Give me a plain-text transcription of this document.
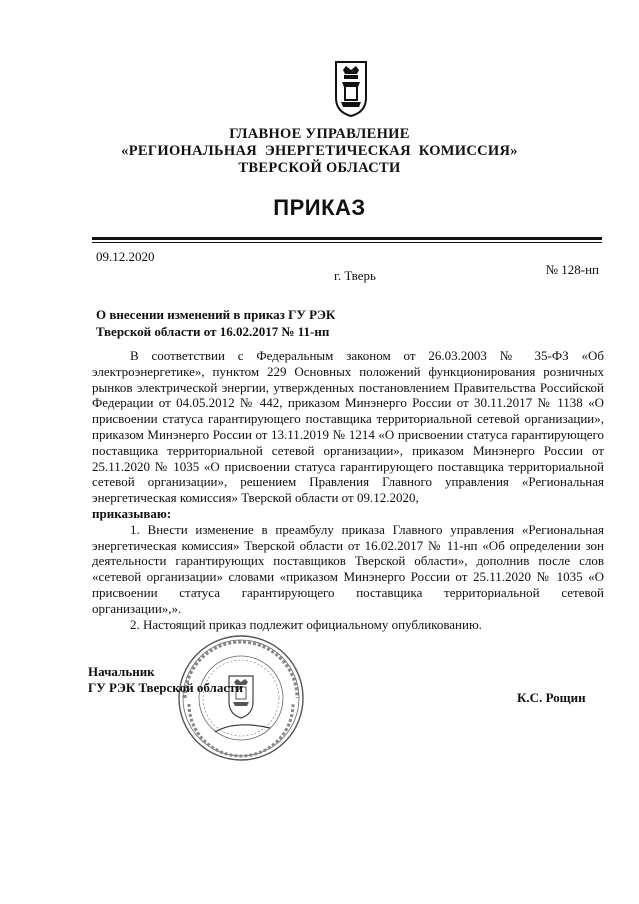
ГЛАВНОЕ УПРАВЛЕНИЕ
«РЕГИОНАЛЬНАЯ ЭНЕРГЕТИЧЕСКАЯ КОМИССИЯ»
ТВЕРСКОЙ ОБЛАСТИ
ПРИКАЗ
09.12.2020
№ 128-нп
г. Тверь
О внесении изменений в приказ ГУ РЭК
Тверской области от 16.02.2017 № 11-нп

В соответствии с Федеральным законом от 26.03.2003 № 35-ФЗ «Об электроэнергетике», пунктом 229 Основных положений функционирования розничных рынков электрической энергии, утвержденных постановлением Правительства Российской Федерации от 04.05.2012 № 442, приказом Минэнерго России от 30.11.2017 № 1138 «О присвоении статуса гарантирующего поставщика территориальной сетевой организации», приказом Минэнерго России от 13.11.2019 № 1214 «О присвоении статуса гарантирующего поставщика территориальной сетевой организации», приказом Минэнерго России от 25.11.2020 № 1035 «О присвоении статуса гарантирующего поставщика территориальной сетевой организации», решением Правления Главного управления «Региональная энергетическая комиссия» Тверской области от 09.12.2020,

приказываю:

1. Внести изменение в преамбулу приказа Главного управления «Региональная энергетическая комиссия» Тверской области от 16.02.2017 № 11-нп «Об определении зон деятельности гарантирующих поставщиков Тверской области», дополнив после слов «сетевой организации» словами «приказом Минэнерго России от 25.11.2020 № 1035 «О присвоении статуса гарантирующего поставщика территориальной сетевой организации»,».

2. Настоящий приказ подлежит официальному опубликованию.

Начальник
ГУ РЭК Тверской области
К.С. Рощин
